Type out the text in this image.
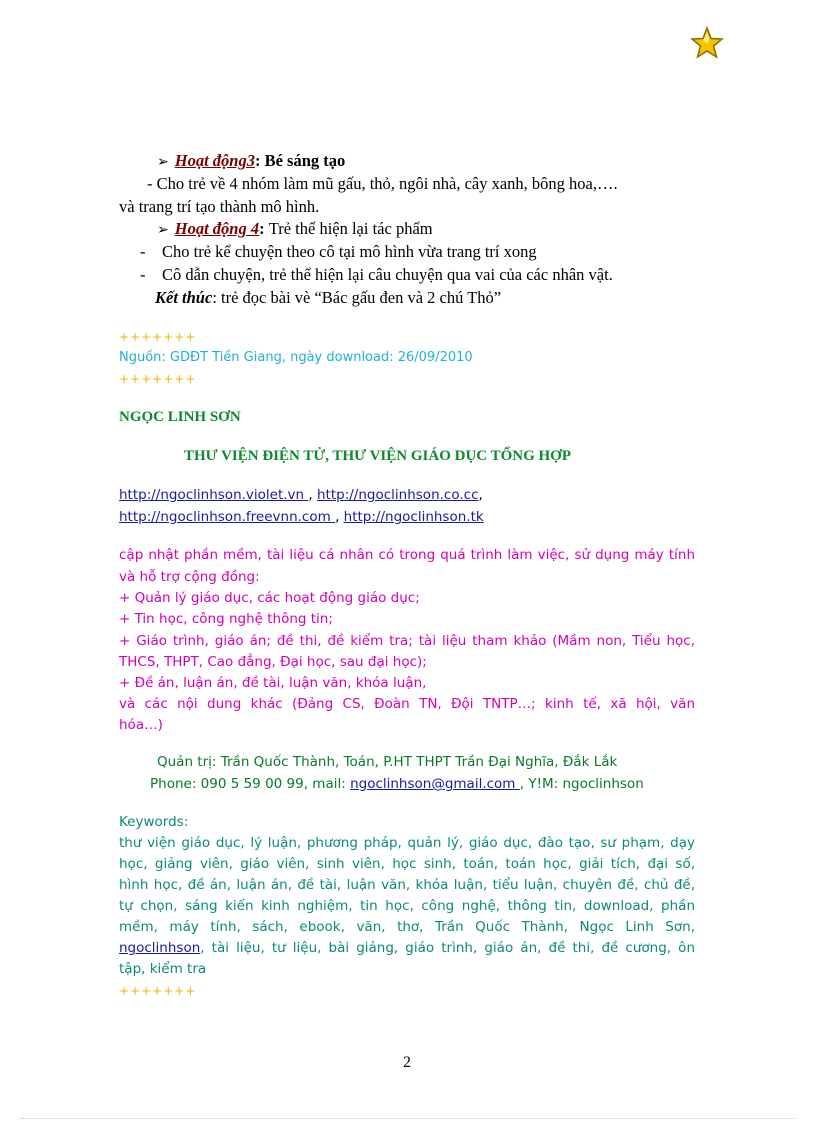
➢ Hoạt động3: Bé sáng tạo
- Cho trẻ về 4 nhóm làm mũ gấu, thỏ, ngôi nhà, cây xanh, bông hoa,….
và trang trí tạo thành mô hình.
➢ Hoạt động 4: Trẻ thể hiện lại tác phẩm
- Cho trẻ kể chuyện theo cô tại mô hình vừa trang trí xong
- Cô dẫn chuyện, trẻ thể hiện lại câu chuyện qua vai của các nhân vật.
Kết thúc: trẻ đọc bài vè “Bác gấu đen và 2 chú Thỏ”
+++++++
Nguồn: GDĐT Tiền Giang, ngày download: 26/09/2010
+++++++
NGỌC LINH SƠN
THƯ VIỆN ĐIỆN TỬ, THƯ VIỆN GIÁO DỤC TỔNG HỢP
http://ngoclinhson.violet.vn , http://ngoclinhson.co.cc,
http://ngoclinhson.freevnn.com , http://ngoclinhson.tk
cập nhật phần mềm, tài liệu cá nhân có trong quá trình làm việc, sử dụng máy tính
và hỗ trợ cộng đồng:
+ Quản lý giáo dục, các hoạt động giáo dục;
+ Tin học, công nghệ thông tin;
+ Giáo trình, giáo án; đề thi, đề kiểm tra; tài liệu tham khảo (Mầm non, Tiểu học,
THCS, THPT, Cao đẳng, Đại học, sau đại học);
+ Đề án, luận án, đề tài, luận văn, khóa luận,
và các nội dung khác (Đảng CS, Đoàn TN, Đội TNTP…; kinh tế, xã hội, văn
hóa…)
Quản trị: Trần Quốc Thành, Toán, P.HT THPT Trần Đại Nghĩa, Đắk Lắk
Phone: 090 5 59 00 99, mail: ngoclinhson@gmail.com , Y!M: ngoclinhson
Keywords:
thư viện giáo dục, lý luận, phương pháp, quản lý, giáo dục, đào tạo, sư phạm, dạy
học, giảng viên, giáo viên, sinh viên, học sinh, toán, toán học, giải tích, đại số,
hình học, đề án, luận án, đề tài, luận văn, khóa luận, tiểu luận, chuyên đề, chủ đề,
tự chọn, sáng kiến kinh nghiệm, tin học, công nghệ, thông tin, download, phần
mềm, máy tính, sách, ebook, văn, thơ, Trần Quốc Thành, Ngọc Linh Sơn,
ngoclinhson, tài liệu, tư liệu, bài giảng, giáo trình, giáo án, đề thi, đề cương, ôn
tập, kiểm tra
+++++++
2
